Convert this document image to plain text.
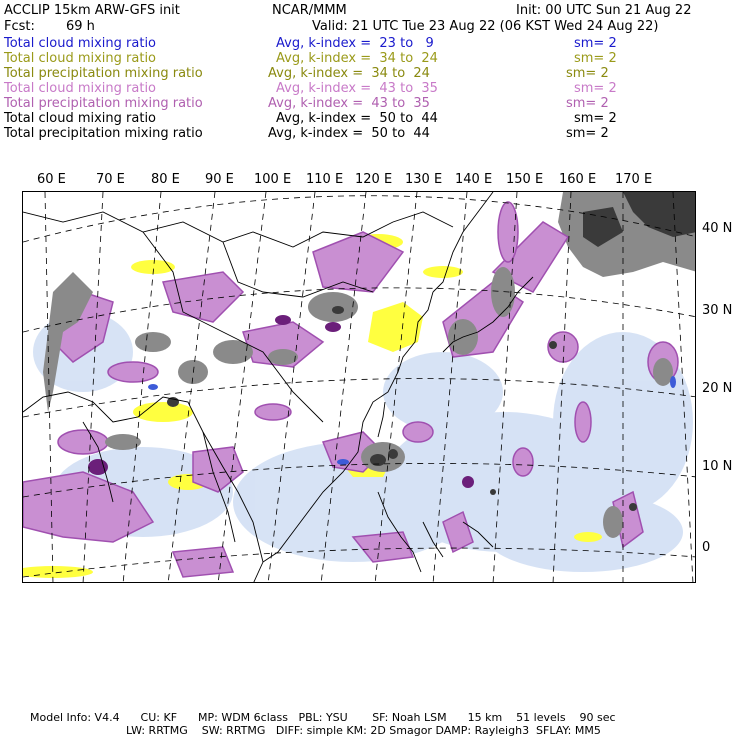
ACCLIP 15km ARW-GFS init	NCAR/MMM	Init: 00 UTC Sun 21 Aug 22
Fcst: 69 h	Valid: 21 UTC Tue 23 Aug 22 (06 KST Wed 24 Aug 22)
Total cloud mixing ratio	Avg, k-index =  23 to   9	sm= 2
Total cloud mixing ratio	Avg, k-index =  34 to  24	sm= 2
Total precipitation mixing ratio	Avg, k-index =  34 to  24	sm= 2
Total cloud mixing ratio	Avg, k-index =  43 to  35	sm= 2
Total precipitation mixing ratio	Avg, k-index =  43 to  35	sm= 2
Total cloud mixing ratio	Avg, k-index =  50 to  44	sm= 2
Total precipitation mixing ratio	Avg, k-index =  50 to  44	sm= 2
60 E 70 E 80 E 90 E 100 E 110 E 120 E 130 E 140 E 150 E 160 E 170 E
40 N
30 N
20 N
10 N
0
Model Info: V4.4      CU: KF      MP: WDM 6class   PBL: YSU       SF: Noah LSM      15 km    51 levels    90 sec
LW: RRTMG    SW: RRTMG   DIFF: simple KM: 2D Smagor DAMP: Rayleigh3  SFLAY: MM5
